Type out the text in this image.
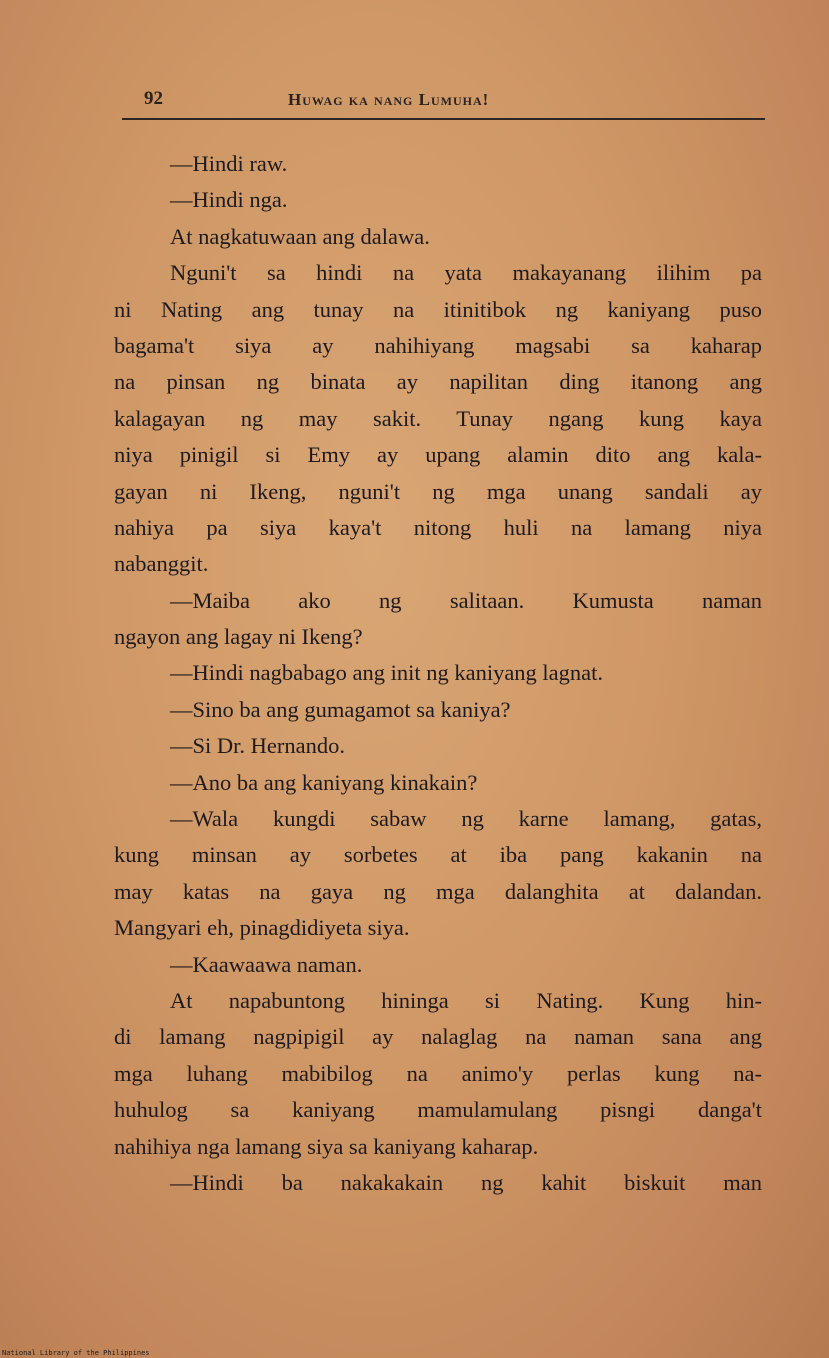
92	Huwag ka nang Lumuha!
—Hindi raw.
—Hindi nga.
At nagkatuwaan ang dalawa.
Nguni't sa hindi na yata makayanang ilihim pa
ni Nating ang tunay na itinitibok ng kaniyang puso
bagama't siya ay nahihiyang magsabi sa kaharap
na pinsan ng binata ay napilitan ding itanong ang
kalagayan ng may sakit. Tunay ngang kung kaya
niya pinigil si Emy ay upang alamin dito ang kala-
gayan ni Ikeng, nguni't ng mga unang sandali ay
nahiya pa siya kaya't nitong huli na lamang niya
nabanggit.
—Maiba ako ng salitaan. Kumusta naman
ngayon ang lagay ni Ikeng?
—Hindi nagbabago ang init ng kaniyang lagnat.
—Sino ba ang gumagamot sa kaniya?
—Si Dr. Hernando.
—Ano ba ang kaniyang kinakain?
—Wala kungdi sabaw ng karne lamang, gatas,
kung minsan ay sorbetes at iba pang kakanin na
may katas na gaya ng mga dalanghita at dalandan.
Mangyari eh, pinagdidiyeta siya.
—Kaawaawa naman.
At napabuntong hininga si Nating. Kung hin-
di lamang nagpipigil ay nalaglag na naman sana ang
mga luhang mabibilog na animo'y perlas kung na-
huhulog sa kaniyang mamulamulang pisngi danga't
nahihiya nga lamang siya sa kaniyang kaharap.
—Hindi ba nakakakain ng kahit biskuit man
National Library of the Philippines
